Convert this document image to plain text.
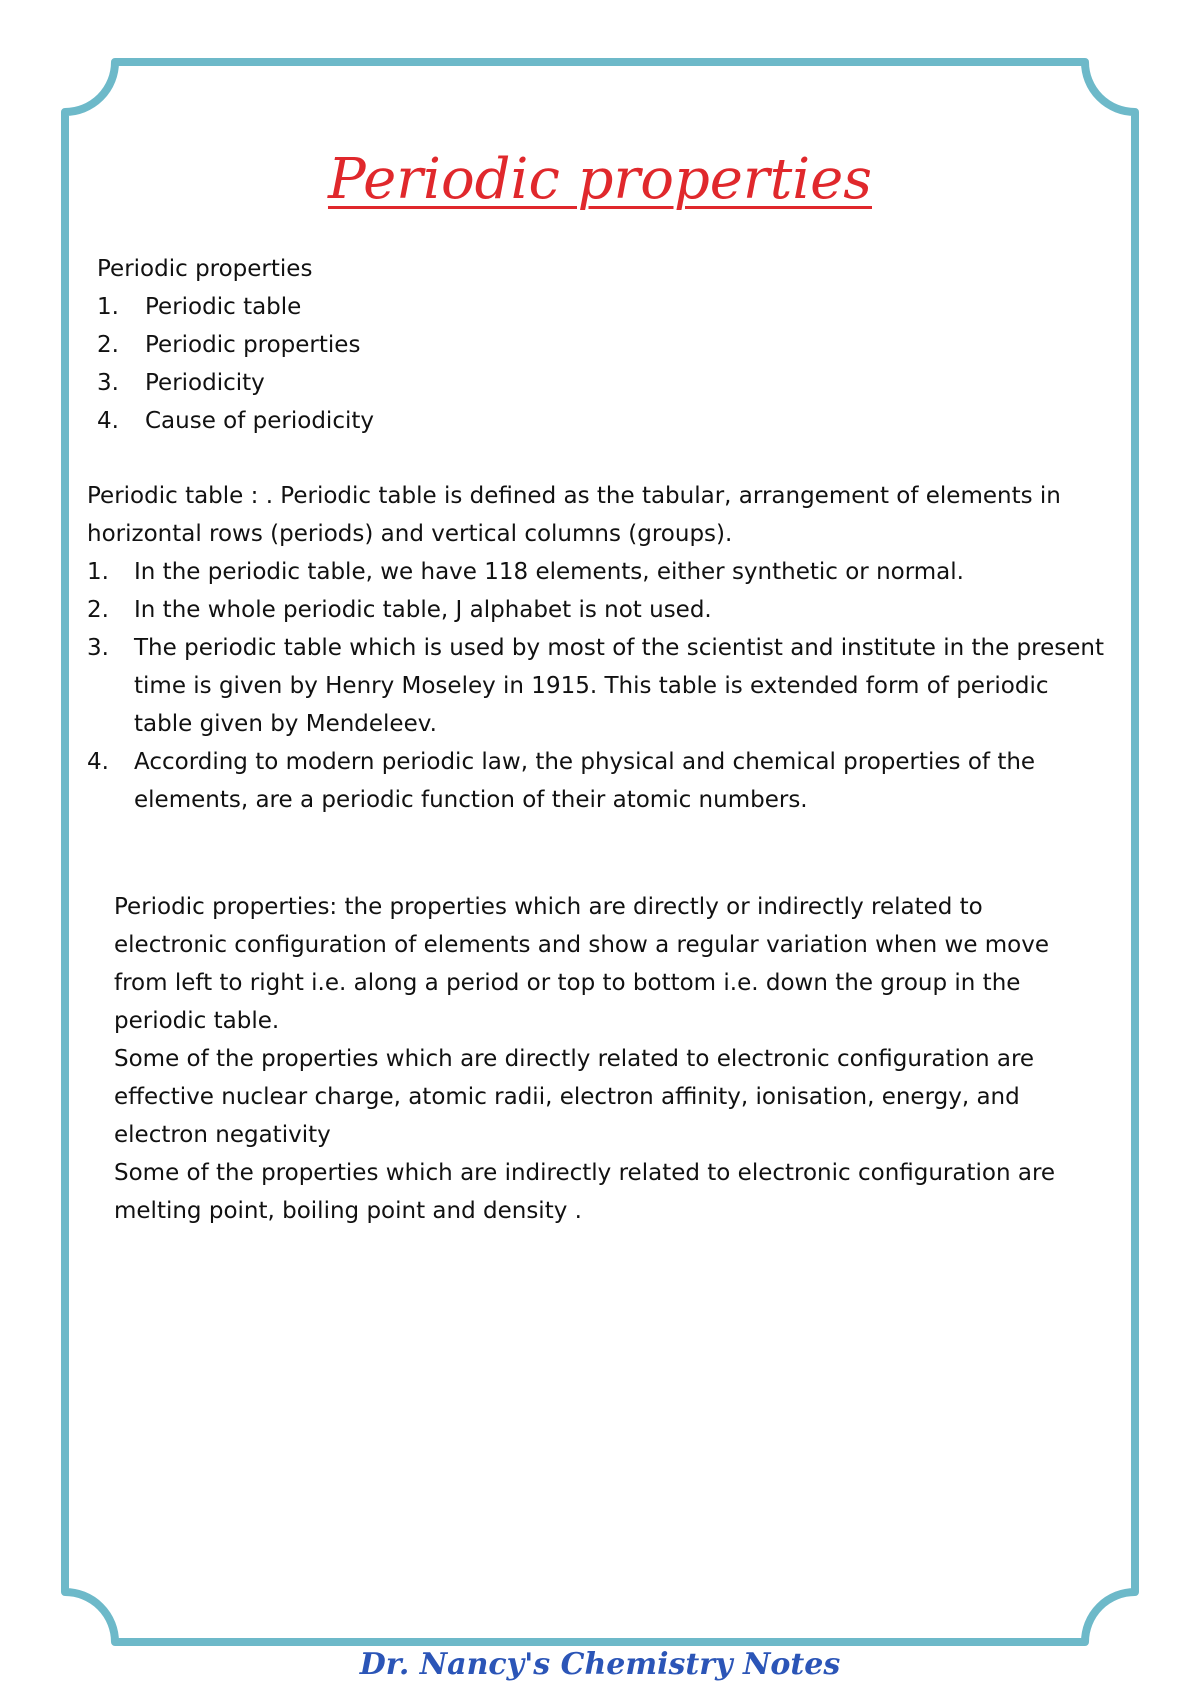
Periodic properties
Periodic properties
1. Periodic table
2. Periodic properties
3. Periodicity
4. Cause of periodicity

Periodic table : . Periodic table is defined as the tabular, arrangement of elements in horizontal rows (periods) and vertical columns (groups).

1. In the periodic table, we have 118 elements, either synthetic or normal.
2. In the whole periodic table, J alphabet is not used.
3. The periodic table which is used by most of the scientist and institute in the present time is given by Henry Moseley in 1915. This table is extended form of periodic table given by Mendeleev.
4. According to modern periodic law, the physical and chemical properties of the elements, are a periodic function of their atomic numbers.

Periodic properties: the properties which are directly or indirectly related to electronic configuration of elements and show a regular variation when we move from left to right i.e. along a period or top to bottom i.e. down the group in the periodic table.

Some of the properties which are directly related to electronic configuration are effective nuclear charge, atomic radii, electron affinity, ionisation, energy, and electron negativity

Some of the properties which are indirectly related to electronic configuration are melting point, boiling point and density .

Dr. Nancy's Chemistry Notes
